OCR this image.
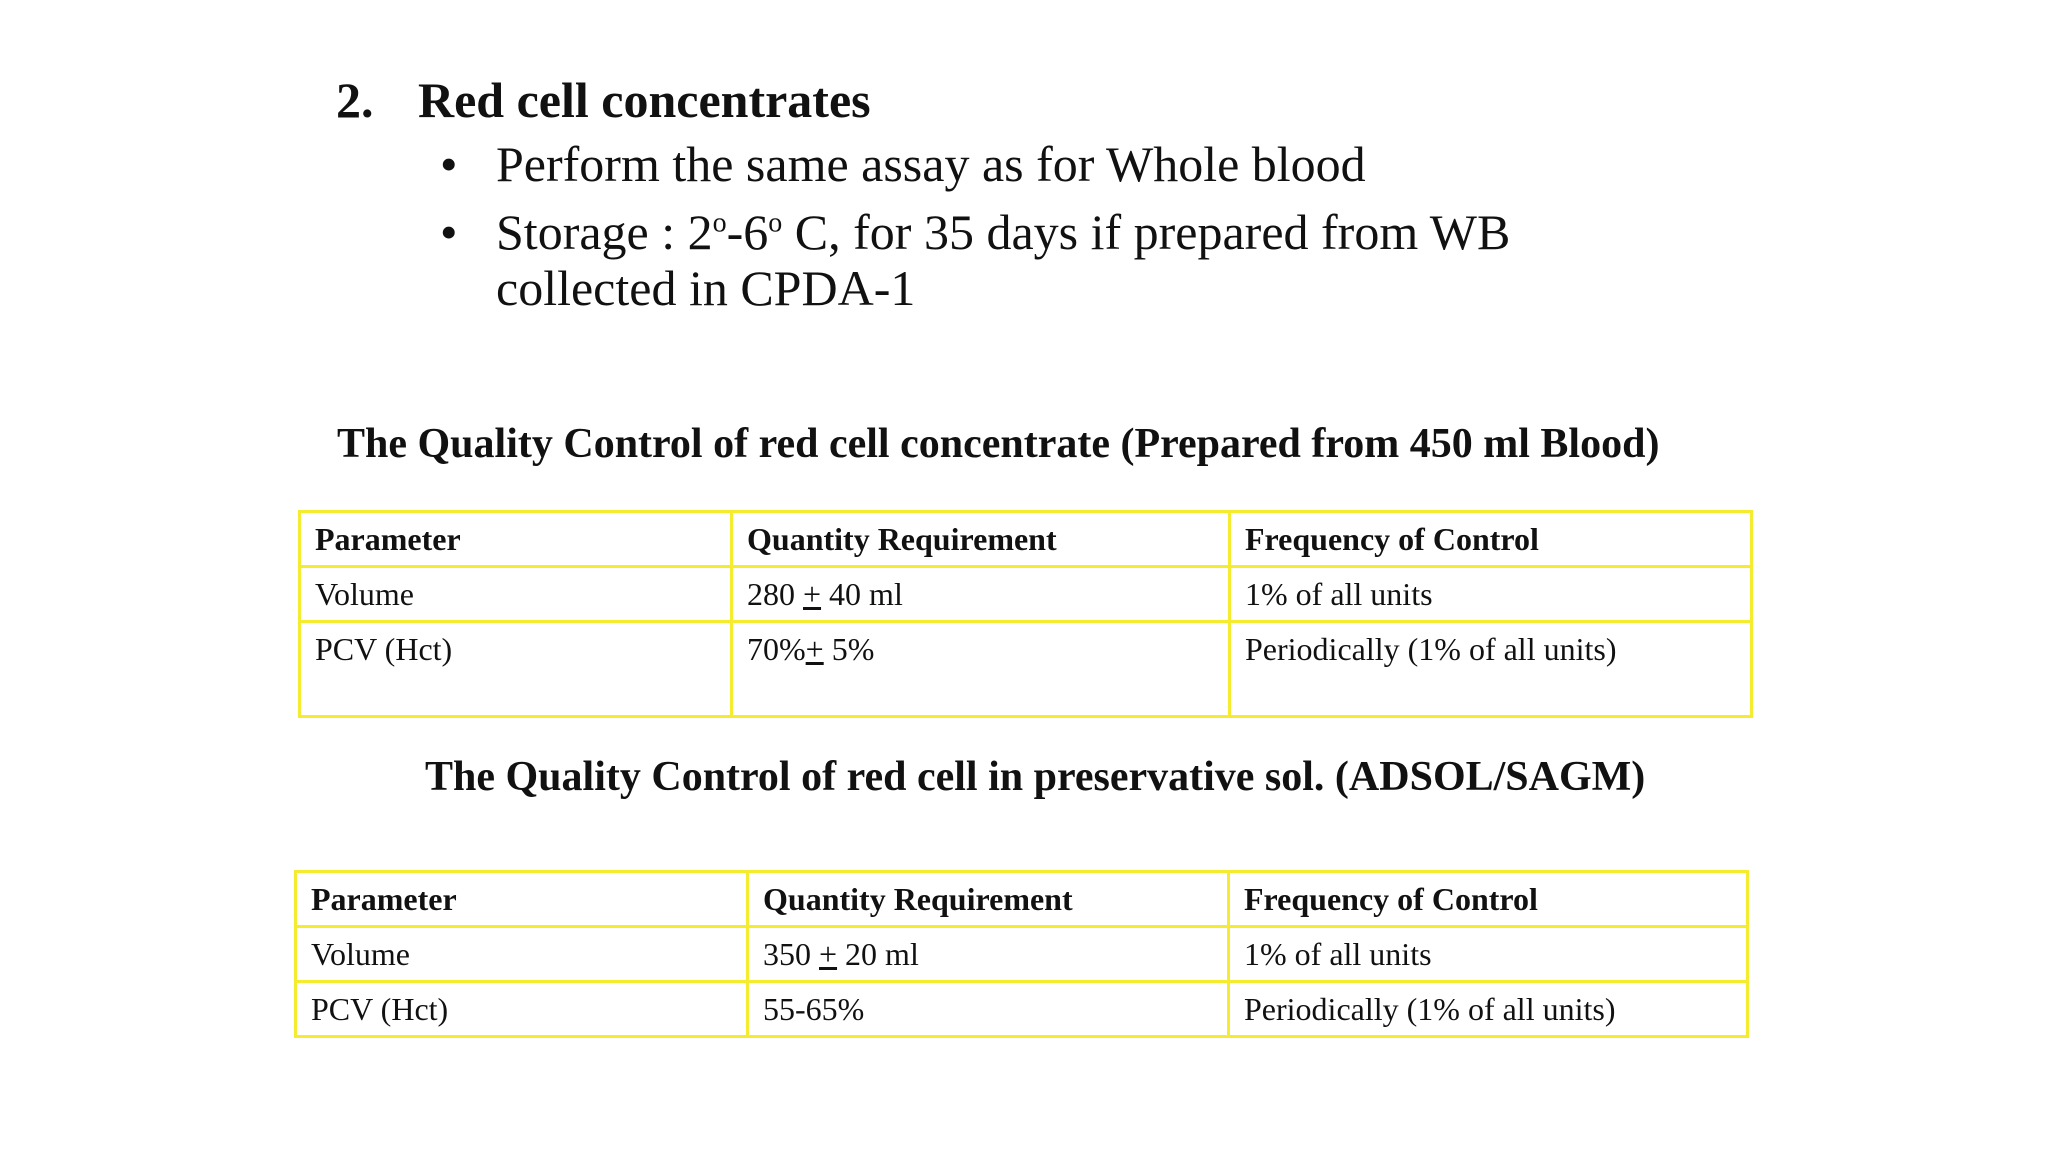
2. Red cell concentrates
• Perform the same assay as for Whole blood
• Storage : 2$^o$-6$^o$ C, for 35 days if prepared from WB
collected in CPDA-1
The Quality Control of red cell concentrate (Prepared from 450 ml Blood)
Parameter	Quantity Requirement	Frequency of Control
Volume	280 + 40 ml	1% of all units
PCV (Hct)	70%+ 5%	Periodically (1% of all units)
The Quality Control of red cell in preservative sol. (ADSOL/SAGM)
Parameter	Quantity Requirement	Frequency of Control
Volume	350 + 20 ml	1% of all units
PCV (Hct)	55-65%	Periodically (1% of all units)
